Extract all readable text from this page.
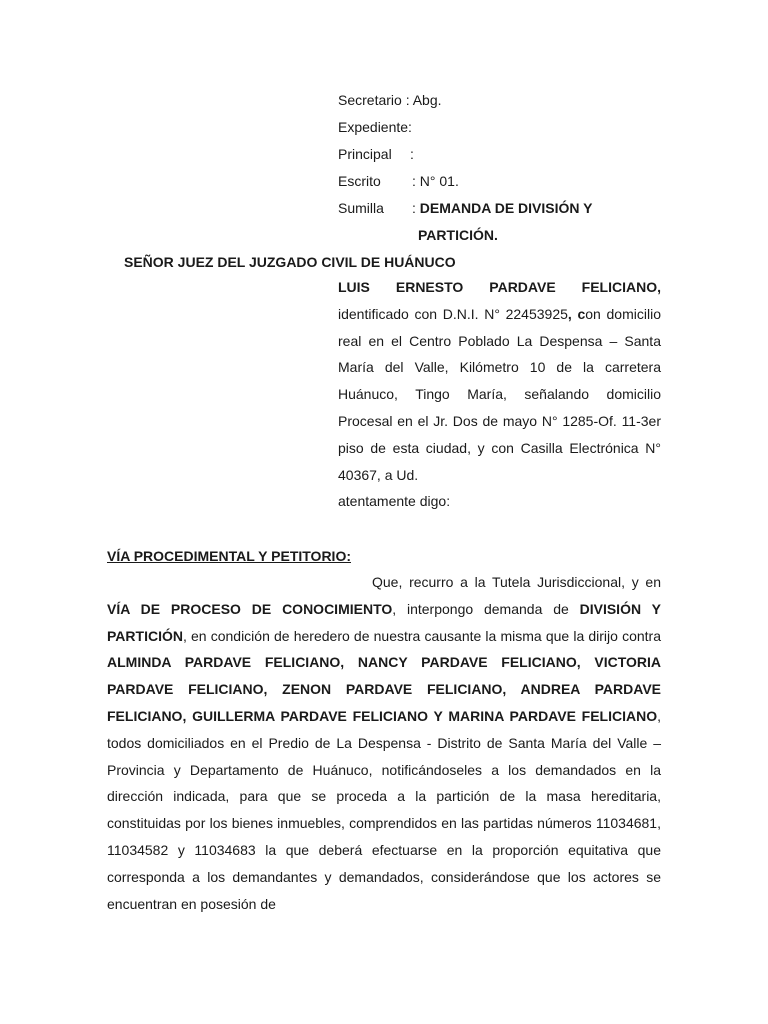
Secretario : Abg.
Expediente:
Principal :
Escrito : N° 01.
Sumilla : DEMANDA DE DIVISIÓN Y
PARTICIÓN.
SEÑOR JUEZ DEL JUZGADO CIVIL DE HUÁNUCO
LUIS ERNESTO PARDAVE FELICIANO,
identificado con D.N.I. N° 22453925, con domicilio real en el Centro Poblado La Despensa – Santa María del Valle, Kilómetro 10 de la carretera Huánuco, Tingo María, señalando domicilio Procesal en el Jr. Dos de mayo N° 1285-Of. 11-3er piso de esta ciudad, y con Casilla Electrónica N° 40367, a Ud.
atentamente digo:
VÍA PROCEDIMENTAL Y PETITORIO:
Que, recurro a la Tutela Jurisdiccional, y en VÍA DE PROCESO DE CONOCIMIENTO, interpongo demanda de DIVISIÓN Y PARTICIÓN, en condición de heredero de nuestra causante la misma que la dirijo contra ALMINDA PARDAVE FELICIANO, NANCY PARDAVE FELICIANO, VICTORIA PARDAVE FELICIANO, ZENON PARDAVE FELICIANO, ANDREA PARDAVE FELICIANO, GUILLERMA PARDAVE FELICIANO Y MARINA PARDAVE FELICIANO, todos domiciliados en el Predio de La Despensa - Distrito de Santa María del Valle – Provincia y Departamento de Huánuco, notificándoseles a los demandados en la dirección indicada, para que se proceda a la partición de la masa hereditaria, constituidas por los bienes inmuebles, comprendidos en las partidas números 11034681, 11034582 y 11034683 la que deberá efectuarse en la proporción equitativa que corresponda a los demandantes y demandados, considerándose que los actores se encuentran en posesión de
